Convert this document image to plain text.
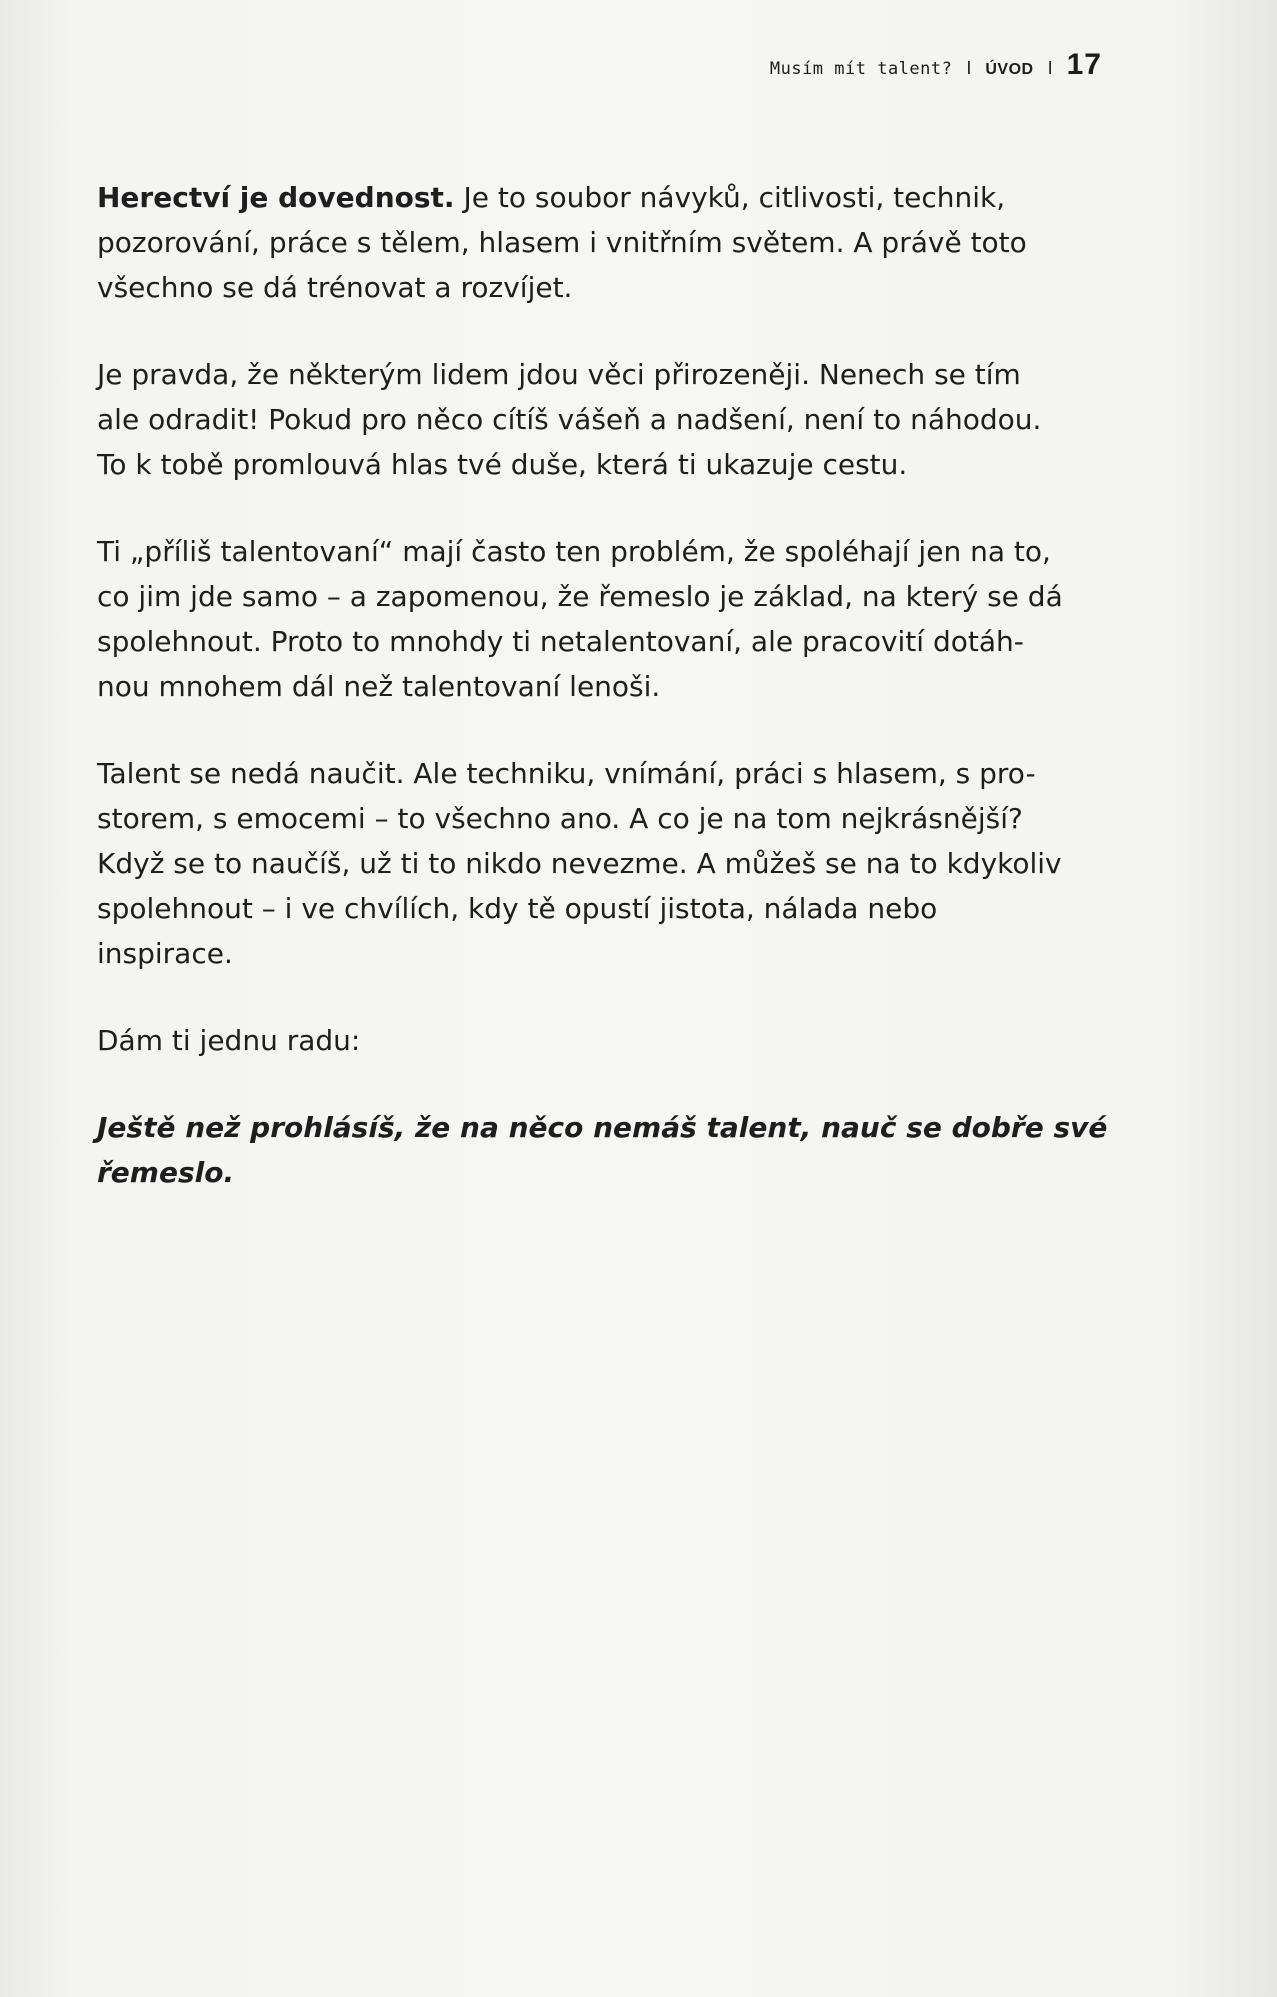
Musím mít talent? I ÚVOD I 17

Herectví je dovednost. Je to soubor návyků, citlivosti, technik,
pozorování, práce s tělem, hlasem i vnitřním světem. A právě toto
všechno se dá trénovat a rozvíjet.

Je pravda, že některým lidem jdou věci přirozeněji. Nenech se tím
ale odradit! Pokud pro něco cítíš vášeň a nadšení, není to náhodou.
To k tobě promlouvá hlas tvé duše, která ti ukazuje cestu.

Ti „příliš talentovaní“ mají často ten problém, že spoléhají jen na to,
co jim jde samo – a zapomenou, že řemeslo je základ, na který se dá
spolehnout. Proto to mnohdy ti netalentovaní, ale pracovití dotáh-
nou mnohem dál než talentovaní lenoši.

Talent se nedá naučit. Ale techniku, vnímání, práci s hlasem, s pro-
storem, s emocemi – to všechno ano. A co je na tom nejkrásnější?
Když se to naučíš, už ti to nikdo nevezme. A můžeš se na to kdykoliv
spolehnout – i ve chvílích, kdy tě opustí jistota, nálada nebo
inspirace.

Dám ti jednu radu:

Ještě než prohlásíš, že na něco nemáš talent, nauč se dobře své
řemeslo.
